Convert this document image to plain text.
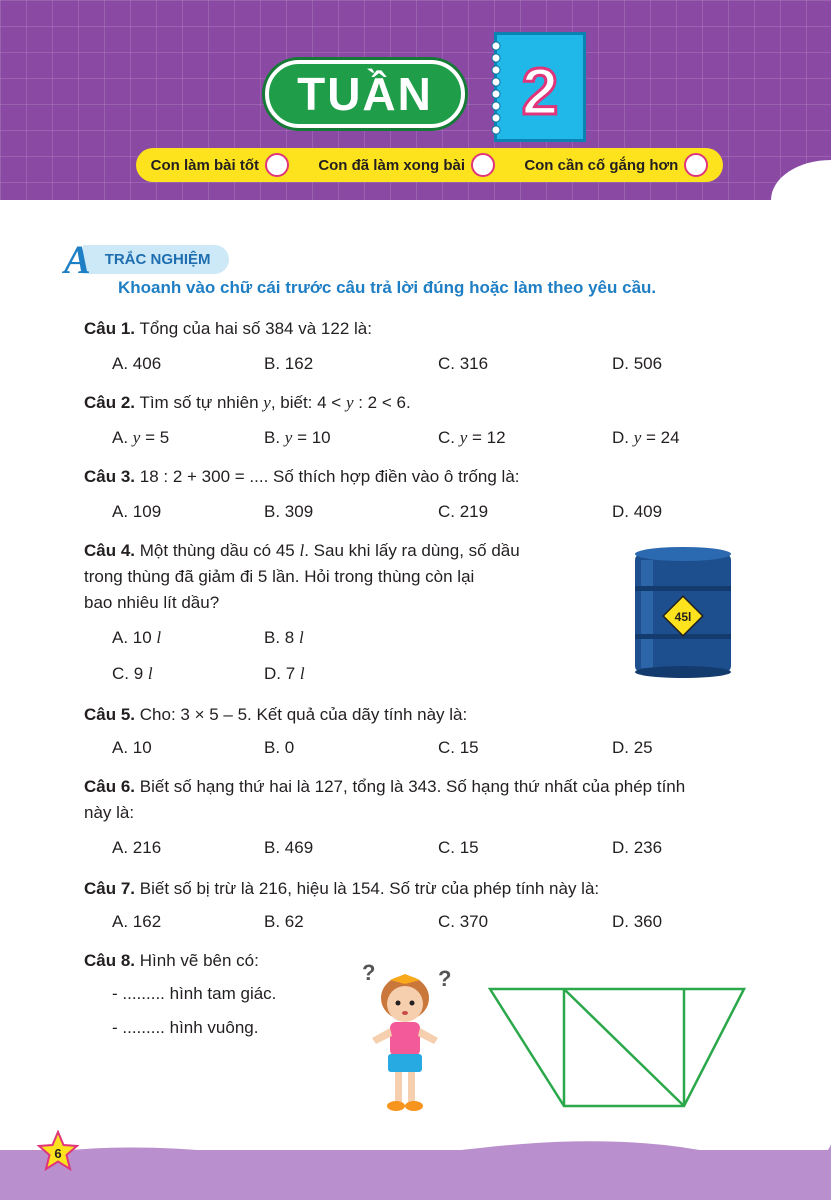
TUẦN	2
Con làm bài tốt	Con đã làm xong bài	Con cần cố gắng hơn
A TRẮC NGHIỆM
Khoanh vào chữ cái trước câu trả lời đúng hoặc làm theo yêu cầu.
Câu 1. Tổng của hai số 384 và 122 là:
A. 406	B. 162	C. 316	D. 506
Câu 2. Tìm số tự nhiên y, biết: 4 < y : 2 < 6.
A. y = 5	B. y = 10	C. y = 12	D. y = 24
Câu 3. 18 : 2 + 300 = .... Số thích hợp điền vào ô trống là:
A. 109	B. 309	C. 219	D. 409
Câu 4. Một thùng dầu có 45 l. Sau khi lấy ra dùng, số dầu
trong thùng đã giảm đi 5 lần. Hỏi trong thùng còn lại
bao nhiêu lít dầu?
A. 10 l	B. 8 l
C. 9 l	D. 7 l
45l
Câu 5. Cho: 3 × 5 – 5. Kết quả của dãy tính này là:
A. 10	B. 0	C. 15	D. 25
Câu 6. Biết số hạng thứ hai là 127, tổng là 343. Số hạng thứ nhất của phép tính
này là:
A. 216	B. 469	C. 15	D. 236
Câu 7. Biết số bị trừ là 216, hiệu là 154. Số trừ của phép tính này là:
A. 162	B. 62	C. 370	D. 360
Câu 8. Hình vẽ bên có:
- ......... hình tam giác.
- ......... hình vuông.
?	?
6
